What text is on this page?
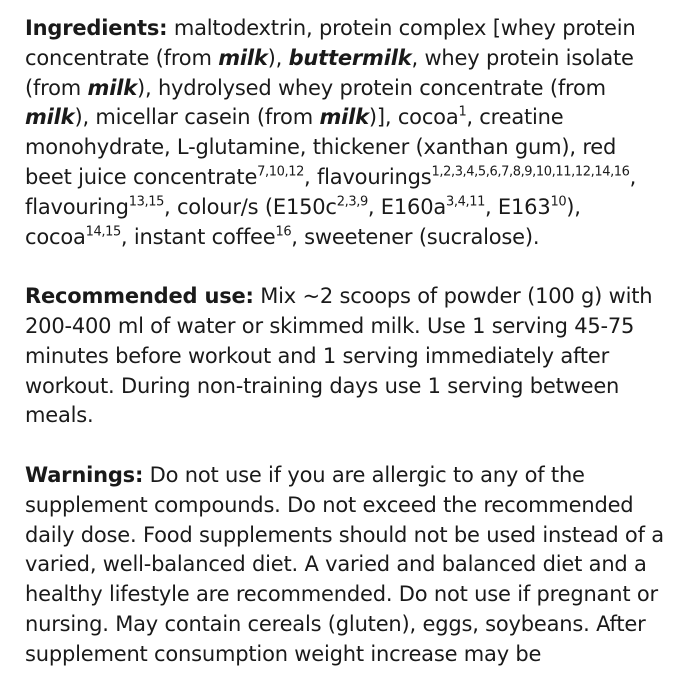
Ingredients: maltodextrin, protein complex [whey protein concentrate (from milk), buttermilk, whey protein isolate (from milk), hydrolysed whey protein concentrate (from milk), micellar casein (from milk)], cocoa$^1$, creatine monohydrate, L-glutamine, thickener (xanthan gum), red beet juice concentrate$^{7,10,12}$, flavourings$^{1,2,3,4,5,6,7,8,9,10,11,12,14,16}$, flavouring$^{13,15}$, colour/s ($E150c^{2,3,9}$, $E160a^{3,4,11}$, $E163^{10}$), cocoa$^{14,15}$, instant coffee$^{16}$, sweetener (sucralose).

Recommended use: Mix ~2 scoops of powder (100 g) with 200-400 ml of water or skimmed milk. Use 1 serving 45-75 minutes before workout and 1 serving immediately after workout. During non-training days use 1 serving between meals.

Warnings: Do not use if you are allergic to any of the supplement compounds. Do not exceed the recommended daily dose. Food supplements should not be used instead of a varied, well-balanced diet. A varied and balanced diet and a healthy lifestyle are recommended. Do not use if pregnant or nursing. May contain cereals (gluten), eggs, soybeans. After supplement consumption weight increase may be
